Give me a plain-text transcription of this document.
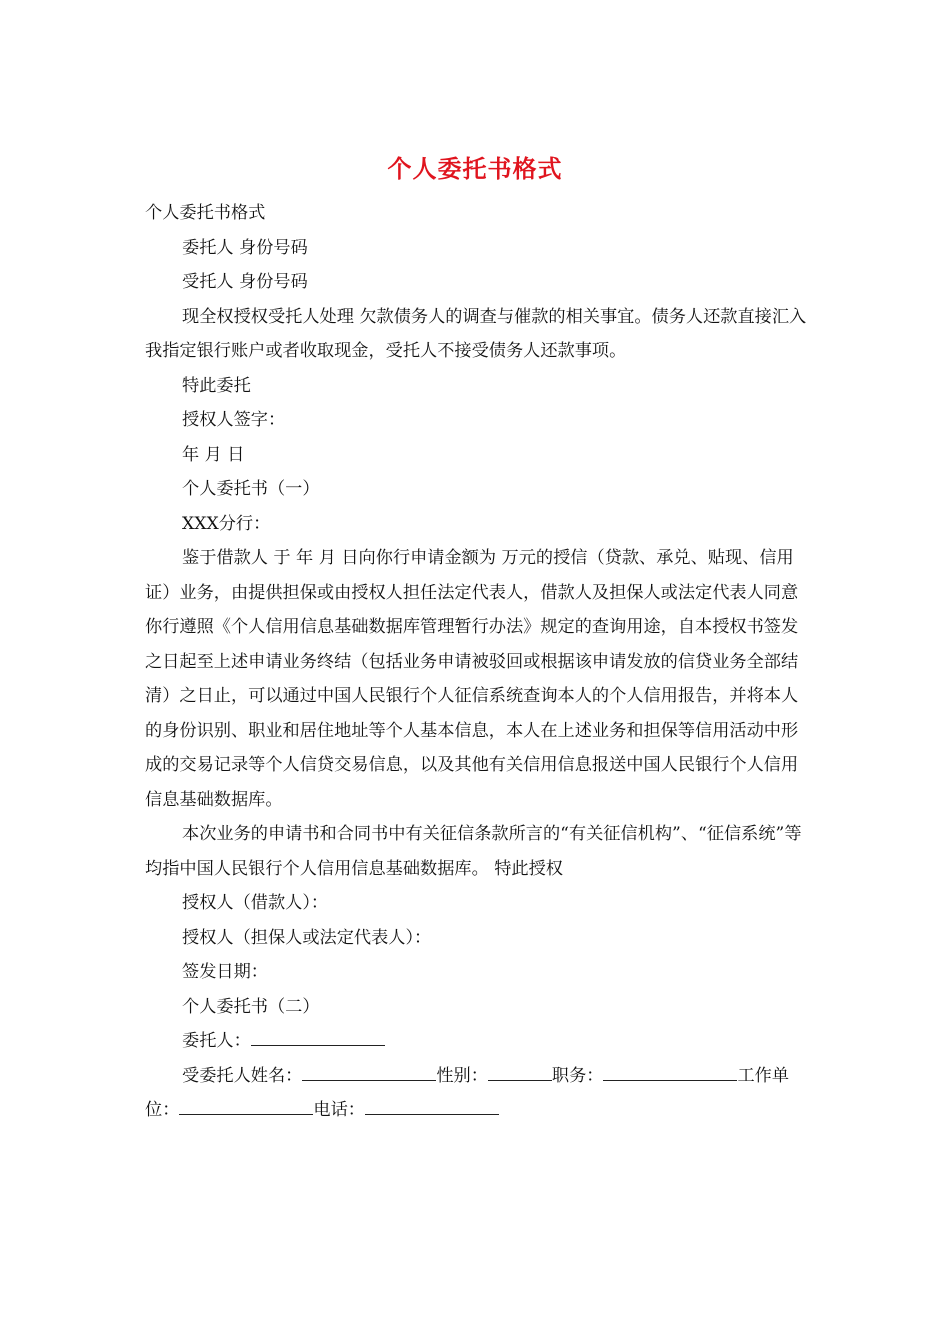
个人委托书格式

个人委托书格式

委托人 身份号码

受托人 身份号码

现全权授权受托人处理 欠款债务人的调查与催款的相关事宜。债务人还款直接汇入我指定银行账户或者收取现金，受托人不接受债务人还款事项。

特此委托

授权人签字：

年 月 日

个人委托书（一）

XXX分行：

鉴于借款人 于 年 月 日向你行申请金额为 万元的授信（贷款、承兑、贴现、信用证）业务，由提供担保或由授权人担任法定代表人，借款人及担保人或法定代表人同意你行遵照《个人信用信息基础数据库管理暂行办法》规定的查询用途，自本授权书签发之日起至上述申请业务终结（包括业务申请被驳回或根据该申请发放的信贷业务全部结清）之日止，可以通过中国人民银行个人征信系统查询本人的个人信用报告，并将本人的身份识别、职业和居住地址等个人基本信息，本人在上述业务和担保等信用活动中形成的交易记录等个人信贷交易信息，以及其他有关信用信息报送中国人民银行个人信用信息基础数据库。

本次业务的申请书和合同书中有关征信条款所言的“有关征信机构”、“征信系统”等均指中国人民银行个人信用信息基础数据库。 特此授权

授权人（借款人）：

授权人（担保人或法定代表人）：

签发日期：

个人委托书（二）

委托人：

受委托人姓名：	性别：	职务：	工作单位：	电话：
